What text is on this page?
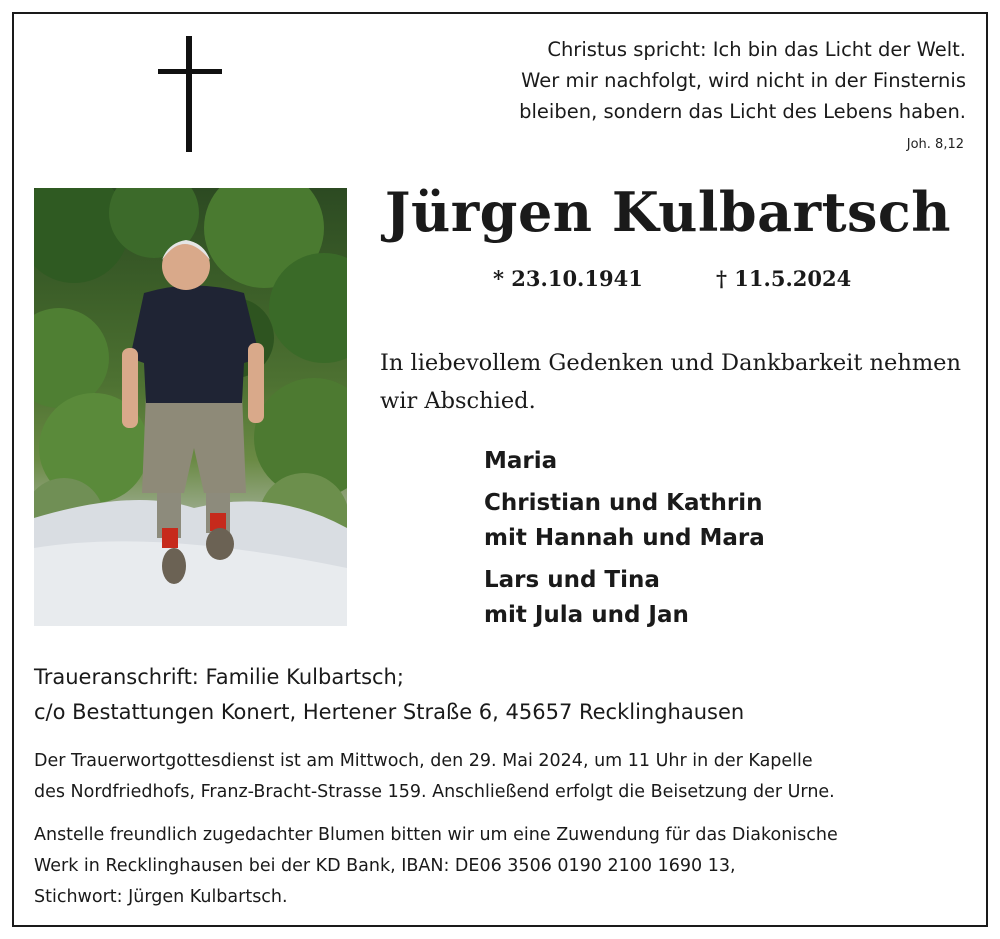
Christus spricht: Ich bin das Licht der Welt.
Wer mir nachfolgt, wird nicht in der Finsternis
bleiben, sondern das Licht des Lebens haben.
Joh. 8,12
Jürgen Kulbartsch
* 23.10.1941	† 11.5.2024
In liebevollem Gedenken und Dankbarkeit nehmen
wir Abschied.
Maria
Christian und Kathrin
mit Hannah und Mara
Lars und Tina
mit Jula und Jan
Traueranschrift: Familie Kulbartsch;
c/o Bestattungen Konert, Hertener Straße 6, 45657 Recklinghausen
Der Trauerwortgottesdienst ist am Mittwoch, den 29. Mai 2024, um 11 Uhr in der Kapelle
des Nordfriedhofs, Franz-Bracht-Strasse 159. Anschließend erfolgt die Beisetzung der Urne.
Anstelle freundlich zugedachter Blumen bitten wir um eine Zuwendung für das Diakonische
Werk in Recklinghausen bei der KD Bank, IBAN: DE06 3506 0190 2100 1690 13,
Stichwort: Jürgen Kulbartsch.
